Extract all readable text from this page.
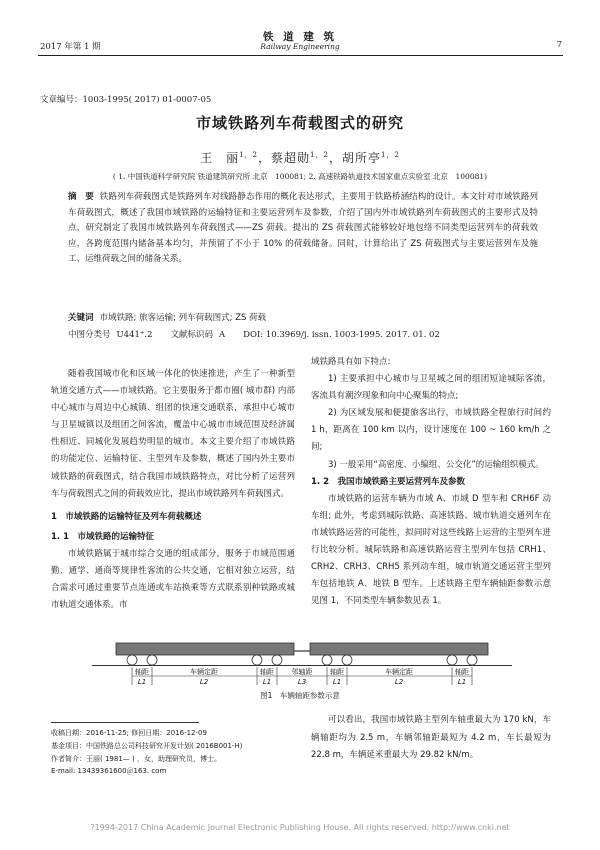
2017 年第 1 期
铁 道 建 筑
Railway Engineering	7
文章编号：1003-1995( 2017) 01-0007-05
市域铁路列车荷载图式的研究
王　丽$^{1,2}$，蔡超勋$^{1,2}$，胡所亭$^{1,2}$
( 1. 中国铁道科学研究院 铁道建筑研究所 北京　100081; 2. 高速铁路轨道技术国家重点实验室 北京　100081)
摘　要 铁路列车荷载图式是铁路列车对线路静态作用的概化表达形式，主要用于铁路桥涵结构的设计。本文针对市域铁路列车荷载图式，概述了我国市域铁路的运输特征和主要运营列车及参数，介绍了国内外市域铁路列车荷载图式的主要形式及特点，研究制定了我国市域铁路列车荷载图式——ZS 荷载。提出的 ZS 荷载图式能够较好地包络不同类型运营列车的荷载效应，各跨度范围内储备基本均匀，并预留了不小于 10% 的荷载储备。同时，计算给出了 ZS 荷载图式与主要运营列车及施工、运维荷载之间的储备关系。
关键词 市域铁路; 旅客运输; 列车荷载图式; ZS 荷载
中图分类号 U441⁺.2 文献标识码 A DOI: 10.3969/j. issn. 1003-1995. 2017. 01. 02

随着我国城市化和区域一体化的快速推进，产生了一种新型轨道交通方式——市域铁路。它主要服务于都市圈( 城市群) 内部中心城市与周边中心城镇、组团的快速交通联系，承担中心城市与卫星城镇以及组团之间客流，覆盖中心城市市域范围及经济属性相近、同城化发展趋势明显的城市。本文主要介绍了市域铁路的功能定位、运输特征、主型列车及参数，概述了国内外主要市域铁路的荷载图式，结合我国市域铁路特点，对比分析了运营列车与荷载图式之间的荷载效应比，提出市域铁路列车荷载图式。

1　市域铁路的运输特征及列车荷载概述

1. 1　市域铁路的运输特征

市域铁路属于城市综合交通的组成部分，服务于市域范围通勤、通学、通商等规律性客流的公共交通，它相对独立运营，结合需求可通过重要节点连通或车站换乘等方式联系别种铁路或城市轨道交通体系。市

域铁路具有如下特点:

1) 主要承担中心城市与卫星城之间的组团短途城际客流，客流具有潮汐现象和向中心聚集的特点;

2) 为区域发展和便捷旅客出行，市域铁路全程旅行时间约 1 h，距离在 100 km 以内，设计速度在 100 ~ 160 km/h 之间;

3) 一般采用“高密度、小编组、公交化”的运输组织模式。

1. 2　我国市域铁路主要运营列车及参数

市域铁路的运营车辆为市域 A、市域 D 型车和 CRH6F 动车组; 此外，考虑到城际铁路、高速铁路、城市轨道交通列车在市域铁路运营的可能性，拟同时对这些线路上运营的主型列车进行比较分析。城际铁路和高速铁路运营主型列车包括 CRH1、CRH2、CRH3、CRH5 系列动车组，城市轨道交通运营主型列车包括地铁 A、地铁 B 型车。上述铁路主型车辆轴距参数示意见图 1，不同类型车辆参数见表 1。

轴距	车辆定距	轴距	邻轴距	轴距	车辆定距	轴距
L1	L2	L1	L3	L1	L2	L1
图1　车辆轴距参数示意
收稿日期：2016-11-25; 修回日期：2016-12-09
基金项目：中国铁路总公司科技研究开发计划( 2016B001-H)
作者简介：王丽( 1981— ) ，女，助理研究员，博士。
E-mail: 13439361600＠163. com

可以看出，我国市域铁路主型列车轴重最大为 170 kN，车辆轴距均为 2.5 m，车辆邻轴距最短为 4.2 m，车长最短为 22.8 m，车辆延米重最大为 29.82 kN/m。

?1994-2017 China Academic Journal Electronic Publishing House. All rights reserved. http://www.cnki.net
